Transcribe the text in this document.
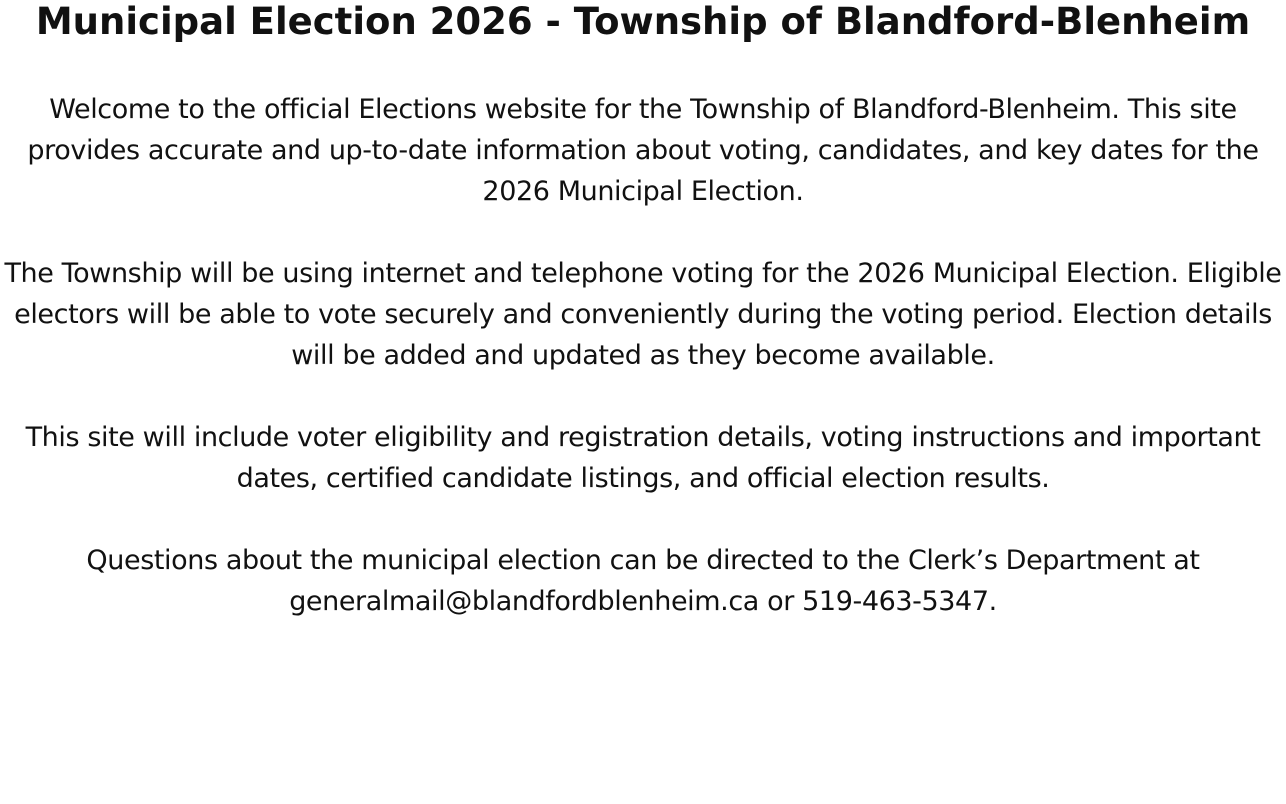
Municipal Election 2026 - Township of Blandford-Blenheim

Welcome to the official Elections website for the Township of Blandford-Blenheim. This site provides accurate and up-to-date information about voting, candidates, and key dates for the 2026 Municipal Election.

The Township will be using internet and telephone voting for the 2026 Municipal Election. Eligible electors will be able to vote securely and conveniently during the voting period. Election details will be added and updated as they become available.

This site will include voter eligibility and registration details, voting instructions and important dates, certified candidate listings, and official election results.

Questions about the municipal election can be directed to the Clerk’s Department at generalmail@blandfordblenheim.ca or 519-463-5347.
